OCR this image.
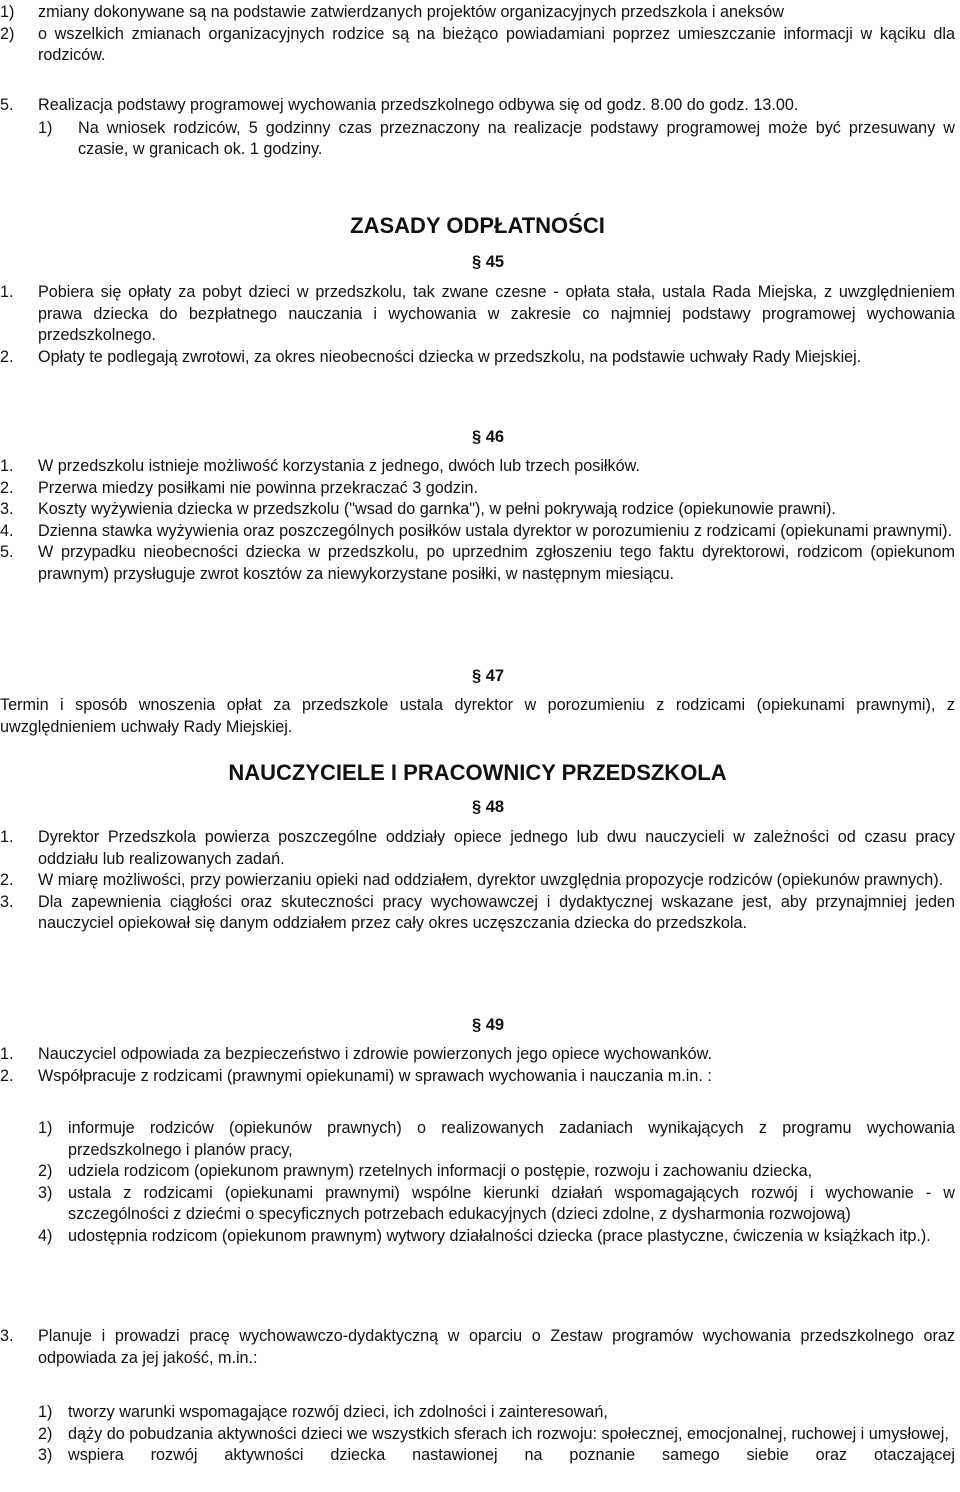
1)	zmiany dokonywane są na podstawie zatwierdzanych projektów organizacyjnych przedszkola i aneksów
2)	o wszelkich zmianach organizacyjnych rodzice są na bieżąco powiadamiani poprzez umieszczanie informacji w kąciku dla rodziców.
5.	Realizacja podstawy programowej wychowania przedszkolnego odbywa się od godz. 8.00 do godz. 13.00.
1)	Na wniosek rodziców, 5 godzinny czas przeznaczony na realizacje podstawy programowej może być przesuwany w czasie, w granicach ok. 1 godziny.
ZASADY ODPŁATNOŚCI
§ 45
1.	Pobiera się opłaty za pobyt dzieci w przedszkolu, tak zwane czesne - opłata stała, ustala Rada Miejska, z uwzględnieniem prawa dziecka do bezpłatnego nauczania i wychowania w zakresie co najmniej podstawy programowej wychowania przedszkolnego.
2.	Opłaty te podlegają zwrotowi, za okres nieobecności dziecka w przedszkolu, na podstawie uchwały Rady Miejskiej.
§ 46
1.	W przedszkolu istnieje możliwość korzystania z jednego, dwóch lub trzech posiłków.
2.	Przerwa miedzy posiłkami nie powinna przekraczać 3 godzin.
3.	Koszty wyżywienia dziecka w przedszkolu ("wsad do garnka"), w pełni pokrywają rodzice (opiekunowie prawni).
4.	Dzienna stawka wyżywienia oraz poszczególnych posiłków ustala dyrektor w porozumieniu z rodzicami (opiekunami prawnymi).
5.	W przypadku nieobecności dziecka w przedszkolu, po uprzednim zgłoszeniu tego faktu dyrektorowi, rodzicom (opiekunom prawnym) przysługuje zwrot kosztów za niewykorzystane posiłki, w następnym miesiącu.
§ 47

Termin i sposób wnoszenia opłat za przedszkole ustala dyrektor w porozumieniu z rodzicami (opiekunami prawnymi), z uwzględnieniem uchwały Rady Miejskiej.

NAUCZYCIELE I PRACOWNICY PRZEDSZKOLA
§ 48
1.	Dyrektor Przedszkola powierza poszczególne oddziały opiece jednego lub dwu nauczycieli w zależności od czasu pracy oddziału lub realizowanych zadań.
2.	W miarę możliwości, przy powierzaniu opieki nad oddziałem, dyrektor uwzględnia propozycje rodziców (opiekunów prawnych).
3.	Dla zapewnienia ciągłości oraz skuteczności pracy wychowawczej i dydaktycznej wskazane jest, aby przynajmniej jeden nauczyciel opiekował się danym oddziałem przez cały okres uczęszczania dziecka do przedszkola.
§ 49
1.	Nauczyciel odpowiada za bezpieczeństwo i zdrowie powierzonych jego opiece wychowanków.
2.	Współpracuje z rodzicami (prawnymi opiekunami) w sprawach wychowania i nauczania m.in. :
1) informuje rodziców (opiekunów prawnych) o realizowanych zadaniach wynikających z programu wychowania przedszkolnego i planów pracy,
2) udziela rodzicom (opiekunom prawnym) rzetelnych informacji o postępie, rozwoju i zachowaniu dziecka,
3) ustala z rodzicami (opiekunami prawnymi) wspólne kierunki działań wspomagających rozwój i wychowanie - w szczególności z dziećmi o specyficznych potrzebach edukacyjnych (dzieci zdolne, z dysharmonia rozwojową)
4) udostępnia rodzicom (opiekunom prawnym) wytwory działalności dziecka (prace plastyczne, ćwiczenia w książkach itp.).
3.	Planuje i prowadzi pracę wychowawczo-dydaktyczną w oparciu o Zestaw programów wychowania przedszkolnego oraz odpowiada za jej jakość, m.in.:
1) tworzy warunki wspomagające rozwój dzieci, ich zdolności i zainteresowań,
2) dąży do pobudzania aktywności dzieci we wszystkich sferach ich rozwoju: społecznej, emocjonalnej, ruchowej i umysłowej,
3) wspiera rozwój aktywności dziecka nastawionej na poznanie samego siebie oraz otaczającej
